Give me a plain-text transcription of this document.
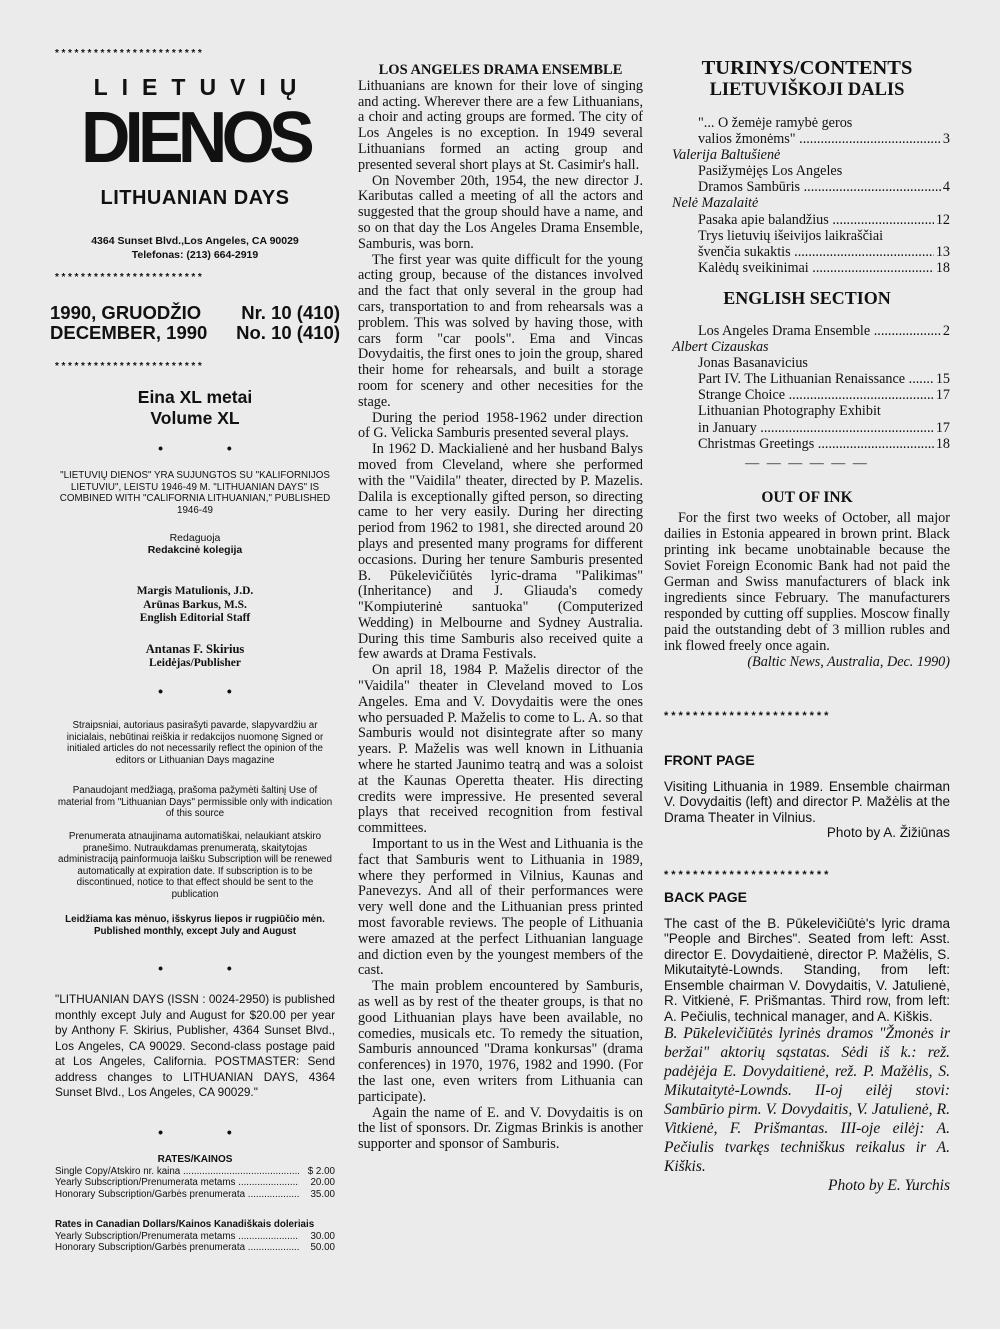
***********************
LIETUVIŲ
DIENOS
LITHUANIAN DAYS
4364 Sunset Blvd.,Los Angeles, CA 90029
Telefonas: (213) 664-2919
***********************
1990, GRUODŽIO Nr. 10 (410)
DECEMBER, 1990 No. 10 (410)
***********************
Eina XL metai
Volume XL
• •
"LIETUVIŲ DIENOS" YRA SUJUNGTOS SU "KALIFORNIJOS LIETUVIU", LEISTU 1946-49 M. "LITHUANIAN DAYS" IS COMBINED WITH "CALIFORNIA LITHUANIAN," PUBLISHED 1946-49
Redaguoja
Redakcinė kolegija
Margis Matulionis, J.D.
Arūnas Barkus, M.S.
English Editorial Staff
Antanas F. Skirius
Leidėjas/Publisher
• •
Straipsniai, autoriaus pasirašyti pavarde, slapyvardžiu ar inicialais, nebūtinai reiškia ir redakcijos nuomonę Signed or initialed articles do not necessarily reflect the opinion of the editors or Lithuanian Days magazine
Panaudojant medžiagą, prašoma pažymėti šaltinį Use of material from "Lithuanian Days" permissible only with indication of this source
Prenumerata atnaujinama automatiškai, nelaukiant atskiro pranešimo. Nutraukdamas prenumeratą, skaitytojas administraciją painformuoja laišku Subscription will be renewed automatically at expiration date. If subscription is to be discontinued, notice to that effect should be sent to the publication
Leidžiama kas mėnuo, išskyrus liepos ir rugpiūčio mėn.
Published monthly, except July and August
• •
"LITHUANIAN DAYS (ISSN : 0024-2950) is published monthly except July and August for $20.00 per year by Anthony F. Skirius, Publisher, 4364 Sunset Blvd., Los Angeles, CA 90029. Second-class postage paid at Los Angeles, California. POSTMASTER: Send address changes to LITHUANIAN DAYS, 4364 Sunset Blvd., Los Angeles, CA 90029."
• •
RATES/KAINOS
Single Copy/Atskiro nr. kaina .....	$ 2.00
Yearly Subscription/Prenumerata metams .....	20.00
Honorary Subscription/Garbės prenumerata .....	35.00
Rates in Canadian Dollars/Kainos Kanadiškais doleriais
Yearly Subscription/Prenumerata metams .....	30.00
Honorary Subscription/Garbės prenumerata .....	50.00
LOS ANGELES DRAMA ENSEMBLE

Lithuanians are known for their love of singing and acting. Wherever there are a few Lithuanians, a choir and acting groups are formed. The city of Los Angeles is no exception. In 1949 several Lithuanians formed an acting group and presented several short plays at St. Casimir's hall.

On November 20th, 1954, the new director J. Kaributas called a meeting of all the actors and suggested that the group should have a name, and so on that day the Los Angeles Drama Ensemble, Samburis, was born.

The first year was quite difficult for the young acting group, because of the distances involved and the fact that only several in the group had cars, transportation to and from rehearsals was a problem. This was solved by having those, with cars form "car pools". Ema and Vincas Dovydaitis, the first ones to join the group, shared their home for rehearsals, and built a storage room for scenery and other necesities for the stage.

During the period 1958-1962 under direction of G. Velicka Samburis presented several plays.

In 1962 D. Mackialienė and her husband Balys moved from Cleveland, where she performed with the "Vaidila" theater, directed by P. Mazelis. Dalila is exceptionally gifted person, so directing came to her very easily. During her directing period from 1962 to 1981, she directed around 20 plays and presented many programs for different occasions. During her tenure Samburis presented B. Pūkelevičiūtės lyric-drama "Palikimas" (Inheritance) and J. Gliauda's comedy "Kompiuterinė santuoka" (Computerized Wedding) in Melbourne and Sydney Australia. During this time Samburis also received quite a few awards at Drama Festivals.

On april 18, 1984 P. Maželis director of the "Vaidila" theater in Cleveland moved to Los Angeles. Ema and V. Dovydaitis were the ones who persuaded P. Maželis to come to L. A. so that Samburis would not disintegrate after so many years. P. Maželis was well known in Lithuania where he started Jaunimo teatrą and was a soloist at the Kaunas Operetta theater. His directing credits were impressive. He presented several plays that received recognition from festival committees.

Important to us in the West and Lithuania is the fact that Samburis went to Lithuania in 1989, where they performed in Vilnius, Kaunas and Panevezys. And all of their performances were very well done and the Lithuanian press printed most favorable reviews. The people of Lithuania were amazed at the perfect Lithuanian language and diction even by the youngest members of the cast.

The main problem encountered by Samburis, as well as by rest of the theater groups, is that no good Lithuanian plays have been available, no comedies, musicals etc. To remedy the situation, Samburis announced "Drama konkursas" (drama conferences) in 1970, 1976, 1982 and 1990. (For the last one, even writers from Lithuania can participate).

Again the name of E. and V. Dovydaitis is on the list of sponsors. Dr. Zigmas Brinkis is another supporter and sponsor of Samburis.

TURINYS/CONTENTS
LIETUVIŠKOJI DALIS
"... O žemėje ramybė geros
valios žmonėms" .....	3
Valerija Baltušienė
Pasižymėjęs Los Angeles
Dramos Sambūris .....	4
Nelė Mazalaitė
Pasaka apie balandžius .....	12
Trys lietuvių išeivijos laikraščiai
švenčia sukaktis .....	13
Kalėdų sveikinimai .....	18
ENGLISH SECTION
Los Angeles Drama Ensemble .....	2
Albert Cizauskas
Jonas Basanavicius
Part IV. The Lithuanian Renaissance .....	15
Strange Choice .....	17
Lithuanian Photography Exhibit
in January .....	17
Christmas Greetings .....	18
— — — — — —
OUT OF INK

For the first two weeks of October, all major dailies in Estonia appeared in brown print. Black printing ink became unobtainable because the Soviet Foreign Economic Bank had not paid the German and Swiss manufacturers of black ink ingredients since February. The manufacturers responded by cutting off supplies. Moscow finally paid the outstanding debt of 3 million rubles and ink flowed freely once again.

(Baltic News, Australia, Dec. 1990)
***********************
FRONT PAGE
Visiting Lithuania in 1989. Ensemble chairman V. Dovydaitis (left) and director P. Mažėlis at the Drama Theater in Vilnius.
Photo by A. Žižiūnas
***********************
BACK PAGE
The cast of the B. Pūkelevičiūtė's lyric drama "People and Birches". Seated from left: Asst. director E. Dovydaitienė, director P. Mažėlis, S. Mikutaitytė-Lownds. Standing, from left: Ensemble chairman V. Dovydaitis, V. Jatulienė, R. Vitkienė, F. Prišmantas. Third row, from left: A. Pečiulis, technical manager, and A. Kiškis.
B. Pūkelevičiūtės lyrinės dramos "Žmonės ir beržai" aktorių sąstatas. Sėdi iš k.: rež. padėjėja E. Dovydaitienė, rež. P. Mažėlis, S. Mikutaitytė-Lownds. II-oj eilėj stovi: Sambūrio pirm. V. Dovydaitis, V. Jatulienė, R. Vitkienė, F. Prišmantas. III-oje eilėj: A. Pečiulis tvarkęs techniškus reikalus ir A. Kiškis.
Photo by E. Yurchis
